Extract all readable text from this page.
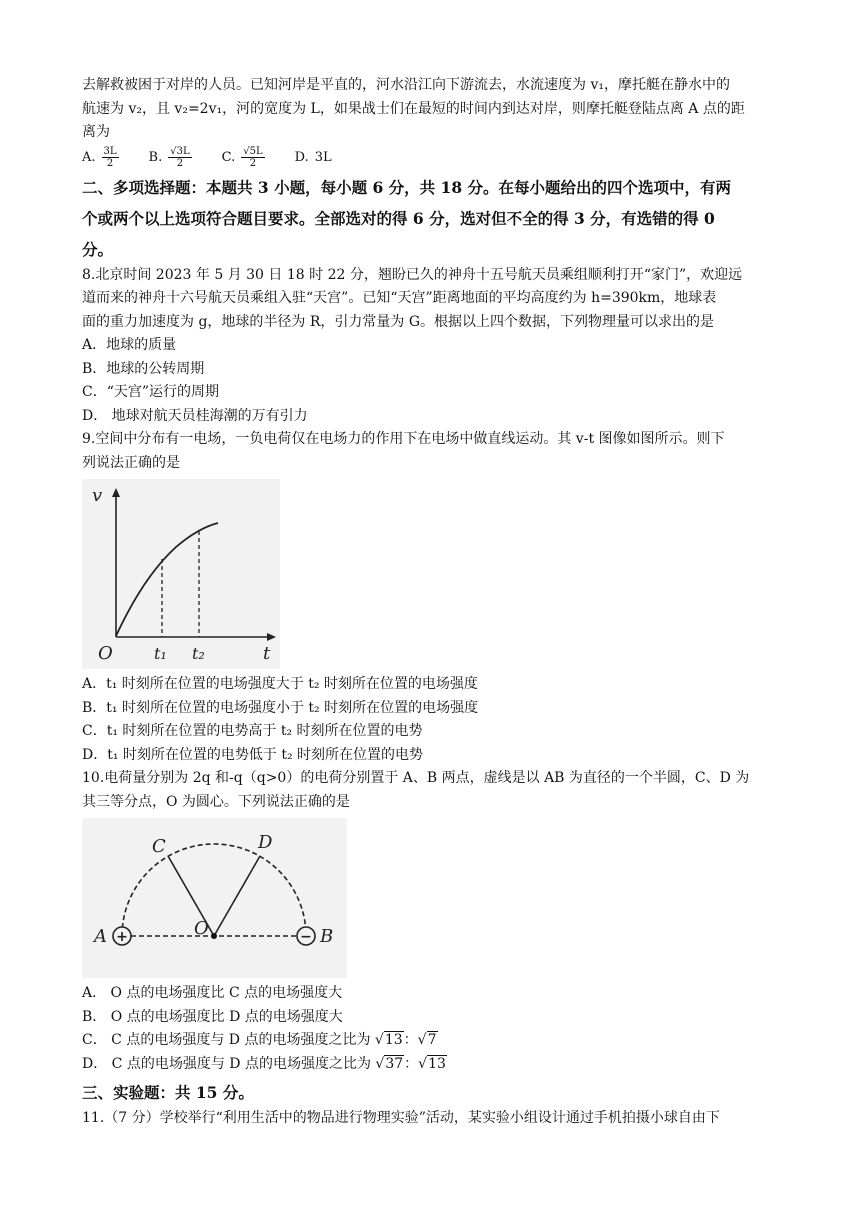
去解救被困于对岸的人员。已知河岸是平直的，河水沿江向下游流去，水流速度为 v₁，摩托艇在静水中的

航速为 v₂，且 v₂=2v₁，河的宽度为 L，如果战士们在最短的时间内到达对岸，则摩托艇登陆点离 A 点的距

离为

A. $\frac{3L}{2} B$. $\frac{√3L}{2} C$. $\frac{√5L}{2} D$. 3L

二、多项选择题：本题共 3 小题，每小题 6 分，共 18 分。在每小题给出的四个选项中，有两

个或两个以上选项符合题目要求。全部选对的得 6 分，选对但不全的得 3 分，有选错的得 0

分。

8.北京时间 2023 年 5 月 30 日 18 时 22 分，翘盼已久的神舟十五号航天员乘组顺利打开“家门”，欢迎远

道而来的神舟十六号航天员乘组入驻“天宫”。已知“天宫”距离地面的平均高度约为 h=390km，地球表

面的重力加速度为 g，地球的半径为 R，引力常量为 G。根据以上四个数据，下列物理量可以求出的是

A．地球的质量

B．地球的公转周期

C．“天宫”运行的周期

D． 地球对航天员桂海潮的万有引力

9.空间中分布有一电场，一负电荷仅在电场力的作用下在电场中做直线运动。其 v-t 图像如图所示。则下

列说法正确的是

v
t
O	t₁ t₂

A．t₁ 时刻所在位置的电场强度大于 t₂ 时刻所在位置的电场强度

B．t₁ 时刻所在位置的电场强度小于 t₂ 时刻所在位置的电场强度

C．t₁ 时刻所在位置的电势高于 t₂ 时刻所在位置的电势

D．t₁ 时刻所在位置的电势低于 t₂ 时刻所在位置的电势

10.电荷量分别为 2q 和-q（q>0）的电荷分别置于 A、B 两点，虚线是以 AB 为直径的一个半圆，C、D 为

其三等分点，O 为圆心。下列说法正确的是

+	−
A	B
C	D
O

A． O 点的电场强度比 C 点的电场强度大

B． O 点的电场强度比 D 点的电场强度大

C． C 点的电场强度与 D 点的电场强度之比为 √13：√7

D． C 点的电场强度与 D 点的电场强度之比为 √37：√13

三、实验题：共 15 分。

11.（7 分）学校举行“利用生活中的物品进行物理实验”活动，某实验小组设计通过手机拍摄小球自由下
